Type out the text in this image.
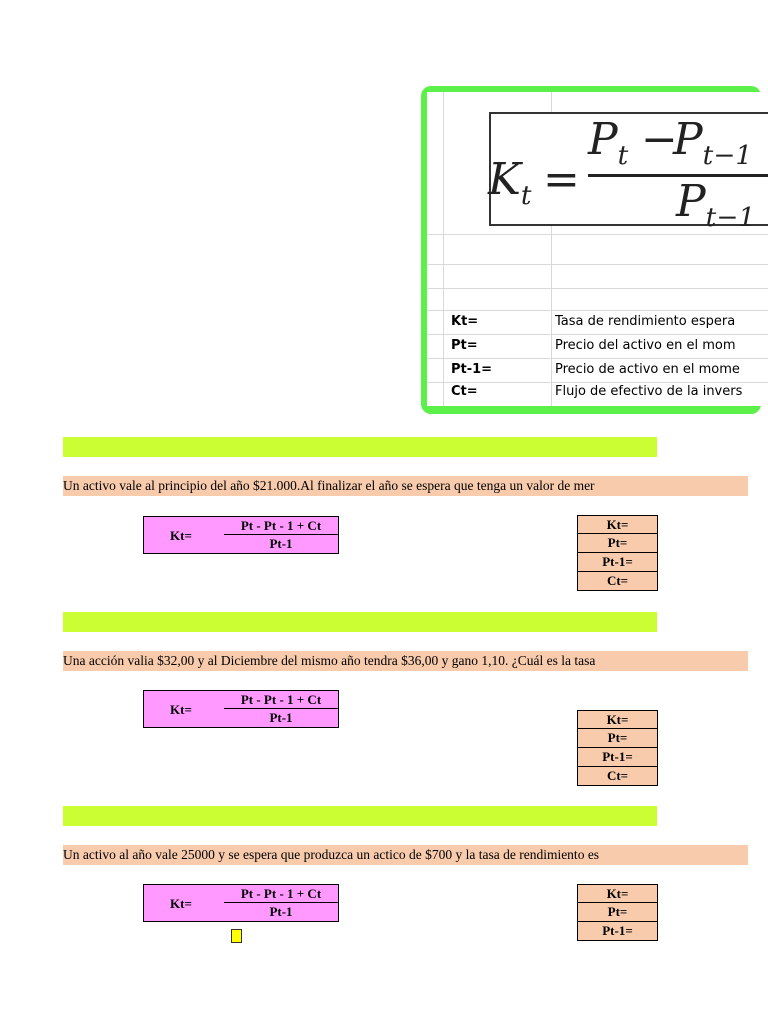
$K_t$ =
$P_t$ −
$P_{t-1}$
$P_{t-1}$
Kt=	Tasa de rendimiento espera
Pt=	Precio del activo en el mom
Pt-1=	Precio de activo en el mome
Ct=	Flujo de efectivo de la invers
Un activo vale al principio del año $21.000.Al finalizar el año se espera que tenga un valor de mer
Kt=
Pt - Pt - 1 + Ct
Pt-1
Kt=
Pt=
Pt-1=
Ct=
Una acción valia $32,00 y al Diciembre del mismo año tendra $36,00 y gano 1,10. ¿Cuál es la tasa
Kt=
Pt - Pt - 1 + Ct
Pt-1	Kt=
Pt=
Pt-1=
Ct=
Un activo al año vale 25000 y se espera que produzca un actico de $700 y la tasa de rendimiento es
Kt=
Pt - Pt - 1 + Ct
Pt-1
Kt=
Pt=
Pt-1=
